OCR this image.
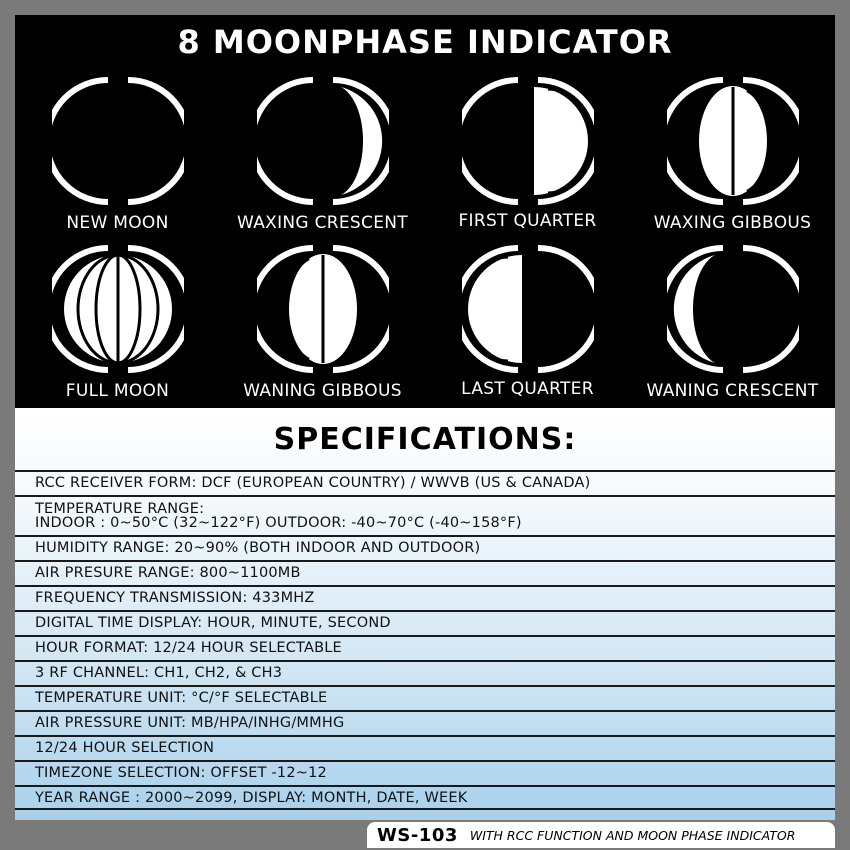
8 MOONPHASE INDICATOR
NEW MOON	WAXING CRESCENT	FIRST QUARTER	WAXING GIBBOUS
FULL MOON	WANING GIBBOUS	LAST QUARTER	WANING CRESCENT
SPECIFICATIONS:
RCC RECEIVER FORM: DCF (EUROPEAN COUNTRY) / WWVB (US & CANADA)
TEMPERATURE RANGE:
INDOOR : 0~50°C (32~122°F) OUTDOOR: -40~70°C (-40~158°F)
HUMIDITY RANGE: 20~90% (BOTH INDOOR AND OUTDOOR)
AIR PRESURE RANGE: 800~1100MB
FREQUENCY TRANSMISSION: 433MHZ
DIGITAL TIME DISPLAY: HOUR, MINUTE, SECOND
HOUR FORMAT: 12/24 HOUR SELECTABLE
3 RF CHANNEL: CH1, CH2, & CH3
TEMPERATURE UNIT: °C/°F SELECTABLE
AIR PRESSURE UNIT: MB/HPA/INHG/MMHG
12/24 HOUR SELECTION
TIMEZONE SELECTION: OFFSET -12~12
YEAR RANGE : 2000~2099, DISPLAY: MONTH, DATE, WEEK
WS-103 WITH RCC FUNCTION AND MOON PHASE INDICATOR
